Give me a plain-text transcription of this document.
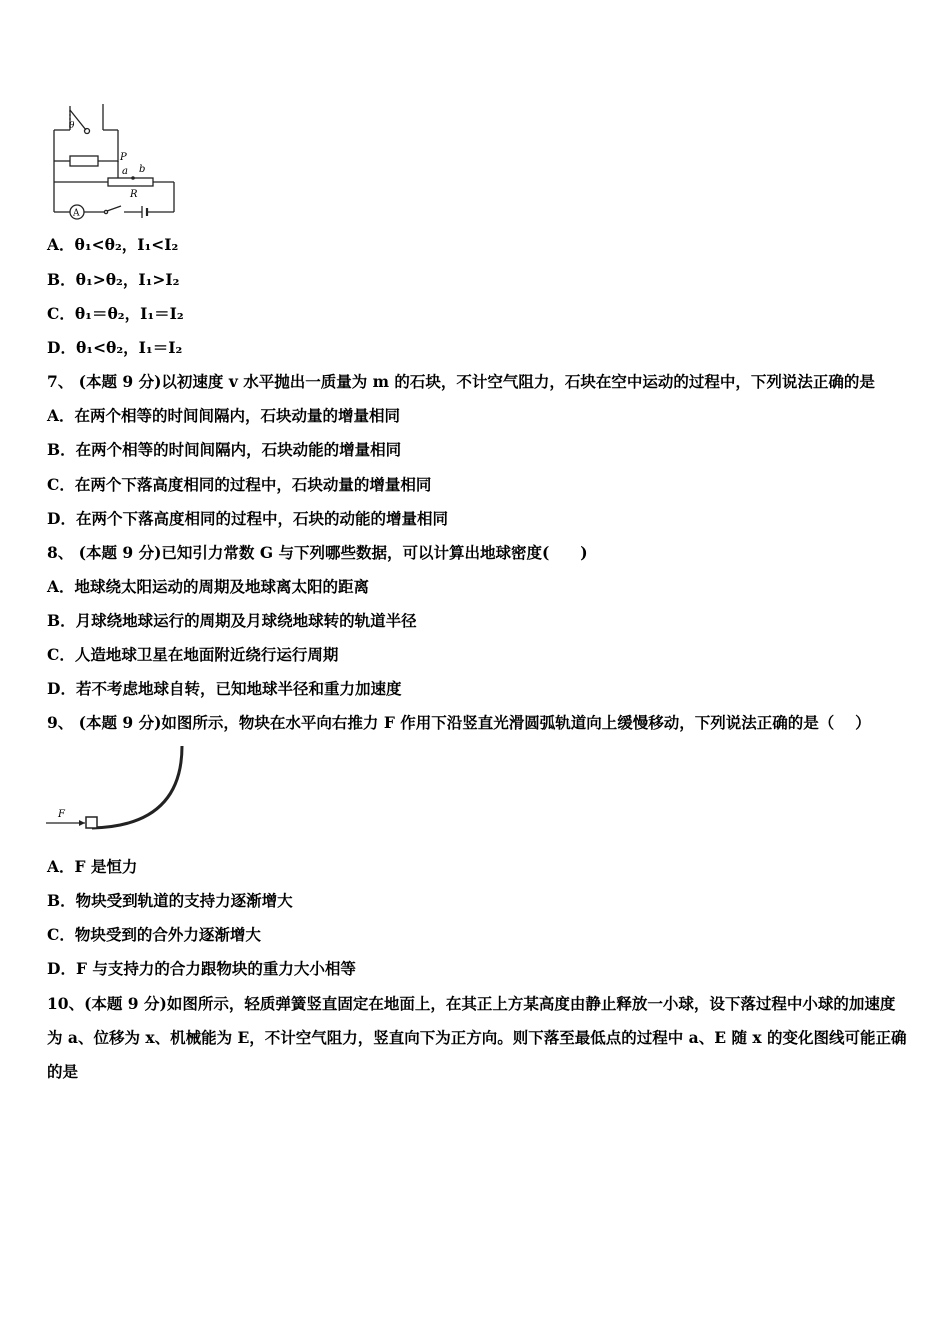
θ
P
a b
R
A
A．θ₁<θ₂，I₁<I₂
B．θ₁>θ₂，I₁>I₂
C．θ₁＝θ₂，I₁＝I₂
D．θ₁<θ₂，I₁＝I₂
7、 (本题 9 分)以初速度 v 水平抛出一质量为 m 的石块，不计空气阻力，石块在空中运动的过程中，下列说法正确的是
A．在两个相等的时间间隔内，石块动量的增量相同
B．在两个相等的时间间隔内，石块动能的增量相同
C．在两个下落高度相同的过程中，石块动量的增量相同
D．在两个下落高度相同的过程中，石块的动能的增量相同
8、 (本题 9 分)已知引力常数 G 与下列哪些数据，可以计算出地球密度(　　)
A．地球绕太阳运动的周期及地球离太阳的距离
B．月球绕地球运行的周期及月球绕地球转的轨道半径
C．人造地球卫星在地面附近绕行运行周期
D．若不考虑地球自转，已知地球半径和重力加速度
9、 (本题 9 分)如图所示，物块在水平向右推力 F 作用下沿竖直光滑圆弧轨道向上缓慢移动，下列说法正确的是（　 ）
F
A．F 是恒力
B．物块受到轨道的支持力逐渐增大
C．物块受到的合外力逐渐增大
D．F 与支持力的合力跟物块的重力大小相等
10、(本题 9 分)如图所示，轻质弹簧竖直固定在地面上，在其正上方某高度由静止释放一小球，设下落过程中小球的加速度为 a、位移为 x、机械能为 E，不计空气阻力，竖直向下为正方向。则下落至最低点的过程中 a、E 随 x 的变化图线可能正确的是
